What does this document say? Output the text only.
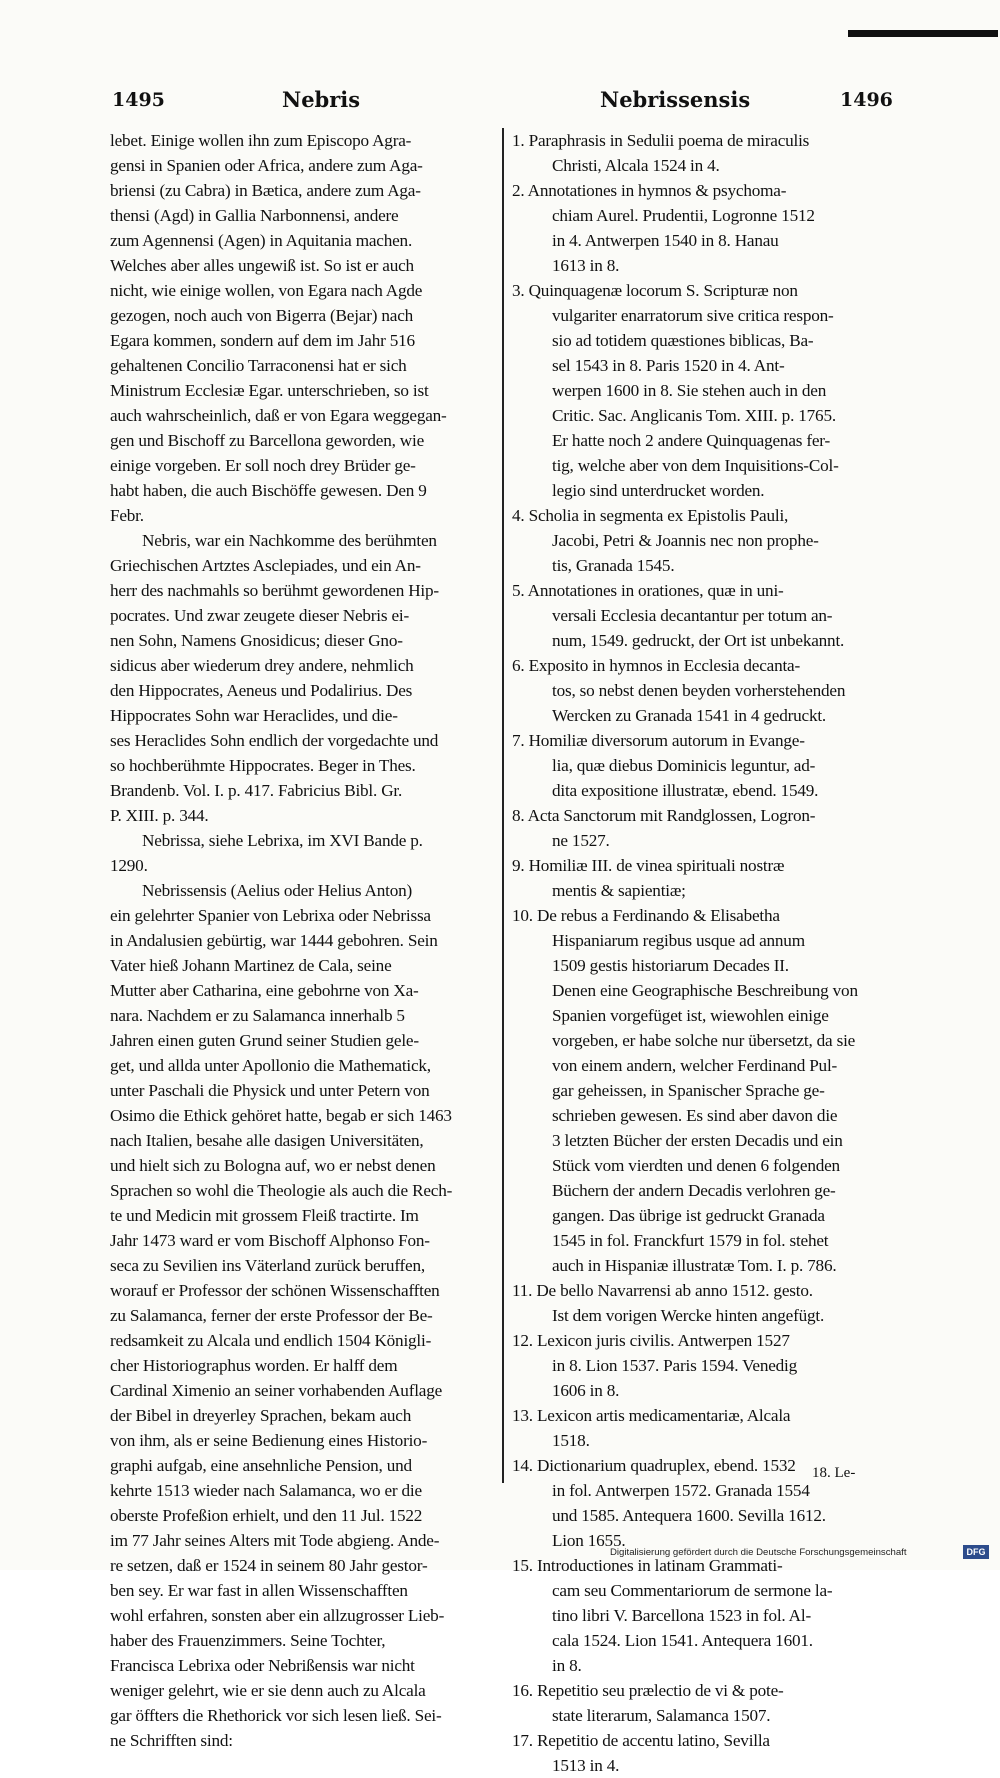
1495	Nebris	Nebrissensis	1496
lebet. Einige wollen ihn zum Episcopo Agra-
gensi in Spanien oder Africa, andere zum Aga-
briensi (zu Cabra) in Bætica, andere zum Aga-
thensi (Agd) in Gallia Narbonnensi, andere
zum Agennensi (Agen) in Aquitania machen.
Welches aber alles ungewiß ist. So ist er auch
nicht, wie einige wollen, von Egara nach Agde
gezogen, noch auch von Bigerra (Bejar) nach
Egara kommen, sondern auf dem im Jahr 516
gehaltenen Concilio Tarraconensi hat er sich
Ministrum Ecclesiæ Egar. unterschrieben, so ist
auch wahrscheinlich, daß er von Egara weggegan-
gen und Bischoff zu Barcellona geworden, wie
einige vorgeben. Er soll noch drey Brüder ge-
habt haben, die auch Bischöffe gewesen. Den 9
Febr.
Nebris, war ein Nachkomme des berühmten
Griechischen Artztes Asclepiades, und ein An-
herr des nachmahls so berühmt gewordenen Hip-
pocrates. Und zwar zeugete dieser Nebris ei-
nen Sohn, Namens Gnosidicus; dieser Gno-
sidicus aber wiederum drey andere, nehmlich
den Hippocrates, Aeneus und Podalirius. Des
Hippocrates Sohn war Heraclides, und die-
ses Heraclides Sohn endlich der vorgedachte und
so hochberühmte Hippocrates. Beger in Thes.
Brandenb. Vol. I. p. 417. Fabricius Bibl. Gr.
P. XIII. p. 344.
Nebrissa, siehe Lebrixa, im XVI Bande p.
1290.
Nebrissensis (Aelius oder Helius Anton)
ein gelehrter Spanier von Lebrixa oder Nebrissa
in Andalusien gebürtig, war 1444 gebohren. Sein
Vater hieß Johann Martinez de Cala, seine
Mutter aber Catharina, eine gebohrne von Xa-
nara. Nachdem er zu Salamanca innerhalb 5
Jahren einen guten Grund seiner Studien gele-
get, und allda unter Apollonio die Mathematick,
unter Paschali die Physick und unter Petern von
Osimo die Ethick gehöret hatte, begab er sich 1463
nach Italien, besahe alle dasigen Universitäten,
und hielt sich zu Bologna auf, wo er nebst denen
Sprachen so wohl die Theologie als auch die Rech-
te und Medicin mit grossem Fleiß tractirte. Im
Jahr 1473 ward er vom Bischoff Alphonso Fon-
seca zu Sevilien ins Väterland zurück beruffen,
worauf er Professor der schönen Wissenschafften
zu Salamanca, ferner der erste Professor der Be-
redsamkeit zu Alcala und endlich 1504 Königli-
cher Historiographus worden. Er halff dem
Cardinal Ximenio an seiner vorhabenden Auflage
der Bibel in dreyerley Sprachen, bekam auch
von ihm, als er seine Bedienung eines Historio-
graphi aufgab, eine ansehnliche Pension, und
kehrte 1513 wieder nach Salamanca, wo er die
oberste Profeßion erhielt, und den 11 Jul. 1522
im 77 Jahr seines Alters mit Tode abgieng. Ande-
re setzen, daß er 1524 in seinem 80 Jahr gestor-
ben sey. Er war fast in allen Wissenschafften
wohl erfahren, sonsten aber ein allzugrosser Lieb-
haber des Frauenzimmers. Seine Tochter,
Francisca Lebrixa oder Nebrißensis war nicht
weniger gelehrt, wie er sie denn auch zu Alcala
gar öffters die Rhethorick vor sich lesen ließ. Sei-
ne Schrifften sind:
1. Paraphrasis in Sedulii poema de miraculis
Christi, Alcala 1524 in 4.
2. Annotationes in hymnos & psychoma-
chiam Aurel. Prudentii, Logronne 1512
in 4. Antwerpen 1540 in 8. Hanau
1613 in 8.
3. Quinquagenæ locorum S. Scripturæ non
vulgariter enarratorum sive critica respon-
sio ad totidem quæstiones biblicas, Ba-
sel 1543 in 8. Paris 1520 in 4. Ant-
werpen 1600 in 8. Sie stehen auch in den
Critic. Sac. Anglicanis Tom. XIII. p. 1765.
Er hatte noch 2 andere Quinquagenas fer-
tig, welche aber von dem Inquisitions-Col-
legio sind unterdrucket worden.
4. Scholia in segmenta ex Epistolis Pauli,
Jacobi, Petri & Joannis nec non prophe-
tis, Granada 1545.
5. Annotationes in orationes, quæ in uni-
versali Ecclesia decantantur per totum an-
num, 1549. gedruckt, der Ort ist unbekannt.
6. Exposito in hymnos in Ecclesia decanta-
tos, so nebst denen beyden vorherstehenden
Wercken zu Granada 1541 in 4 gedruckt.
7. Homiliæ diversorum autorum in Evange-
lia, quæ diebus Dominicis leguntur, ad-
dita expositione illustratæ, ebend. 1549.
8. Acta Sanctorum mit Randglossen, Logron-
ne 1527.
9. Homiliæ III. de vinea spirituali nostræ
mentis & sapientiæ;
10. De rebus a Ferdinando & Elisabetha
Hispaniarum regibus usque ad annum
1509 gestis historiarum Decades II.
Denen eine Geographische Beschreibung von
Spanien vorgefüget ist, wiewohlen einige
vorgeben, er habe solche nur übersetzt, da sie
von einem andern, welcher Ferdinand Pul-
gar geheissen, in Spanischer Sprache ge-
schrieben gewesen. Es sind aber davon die
3 letzten Bücher der ersten Decadis und ein
Stück vom vierdten und denen 6 folgenden
Büchern der andern Decadis verlohren ge-
gangen. Das übrige ist gedruckt Granada
1545 in fol. Franckfurt 1579 in fol. stehet
auch in Hispaniæ illustratæ Tom. I. p. 786.
11. De bello Navarrensi ab anno 1512. gesto.
Ist dem vorigen Wercke hinten angefügt.
12. Lexicon juris civilis. Antwerpen 1527
in 8. Lion 1537. Paris 1594. Venedig
1606 in 8.
13. Lexicon artis medicamentariæ, Alcala
1518.
14. Dictionarium quadruplex, ebend. 1532
in fol. Antwerpen 1572. Granada 1554
und 1585. Antequera 1600. Sevilla 1612.
Lion 1655.
15. Introductiones in latinam Grammati-
cam seu Commentariorum de sermone la-
tino libri V. Barcellona 1523 in fol. Al-
cala 1524. Lion 1541. Antequera 1601.
in 8.
16. Repetitio seu prælectio de vi & pote-
state literarum, Salamanca 1507.
17. Repetitio de accentu latino, Sevilla
1513 in 4.
18. Le-
Digitalisierung gefördert durch die Deutsche Forschungsgemeinschaft	DFG
